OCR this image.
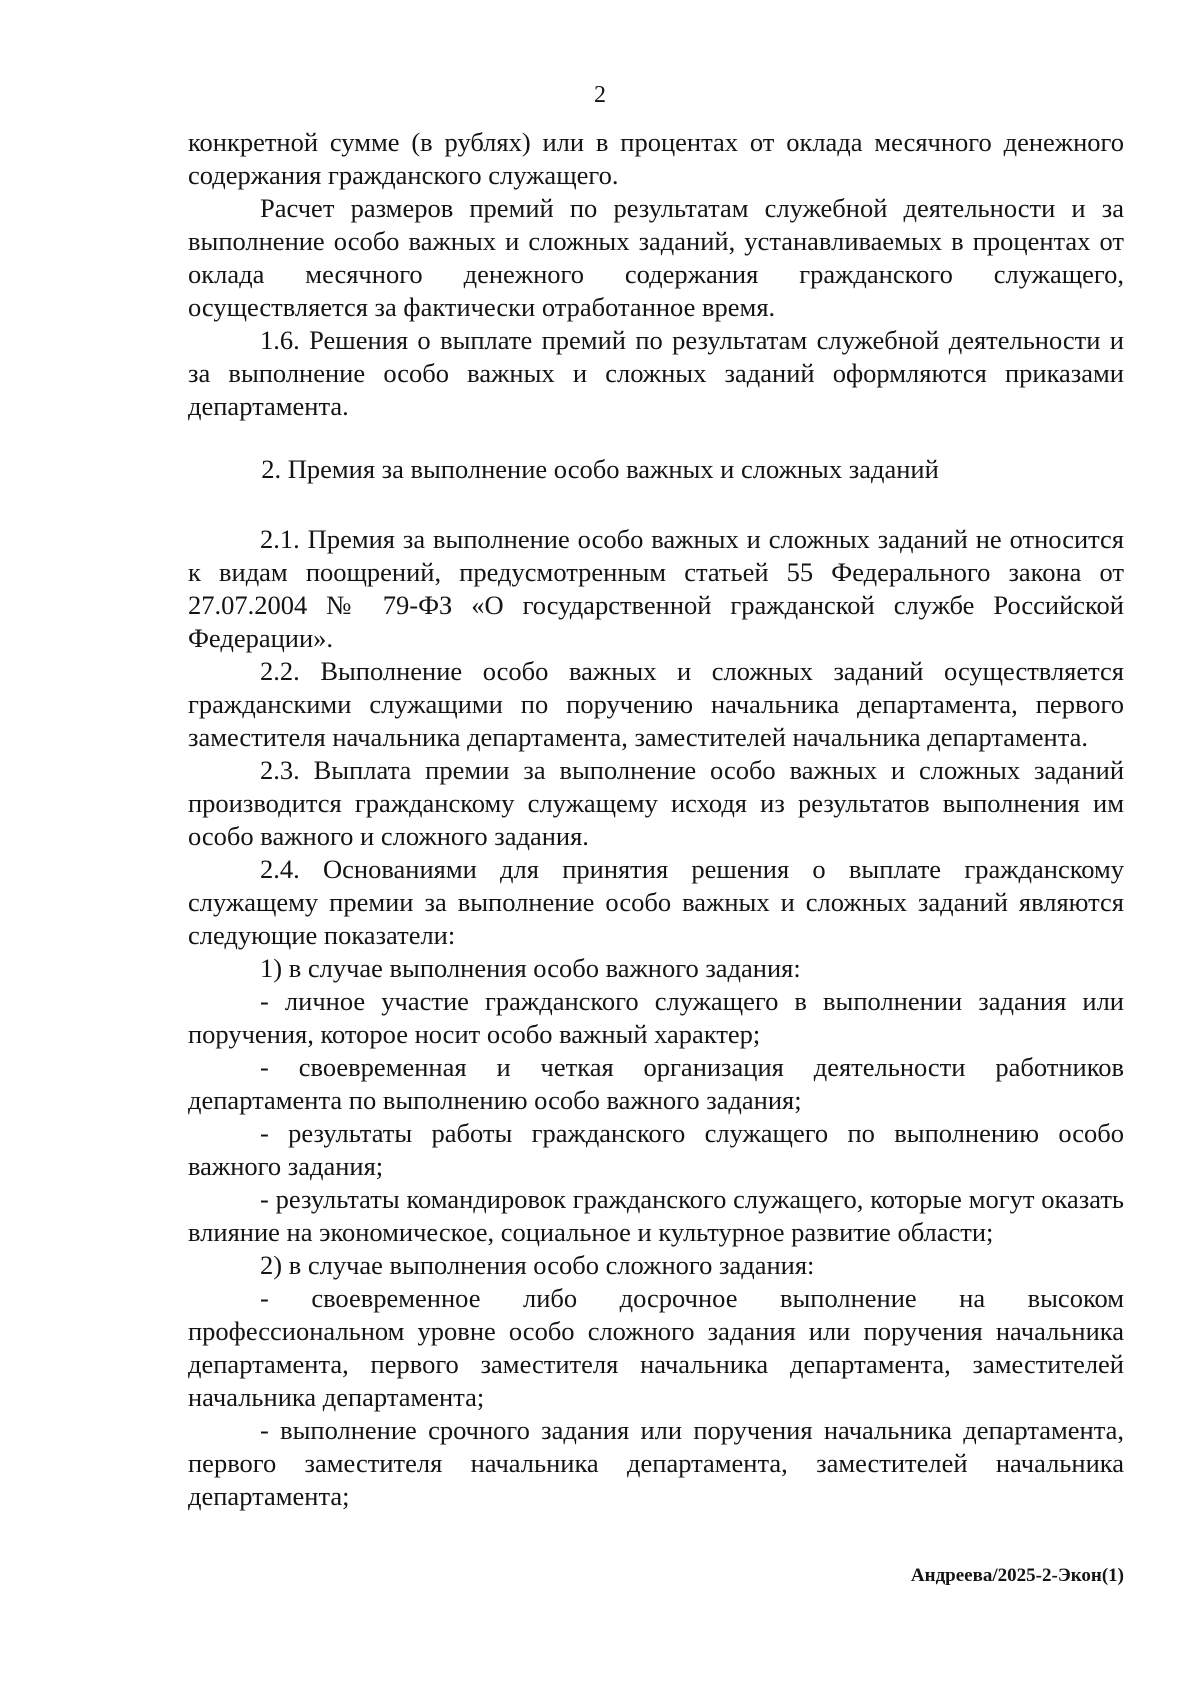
2

конкретной сумме (в рублях) или в процентах от оклада месячного денежного содержания гражданского служащего.

Расчет размеров премий по результатам служебной деятельности и за выполнение особо важных и сложных заданий, устанавливаемых в процентах от оклада месячного денежного содержания гражданского служащего, осуществляется за фактически отработанное время.

1.6. Решения о выплате премий по результатам служебной деятельности и за выполнение особо важных и сложных заданий оформляются приказами департамента.

2. Премия за выполнение особо важных и сложных заданий

2.1. Премия за выполнение особо важных и сложных заданий не относится к видам поощрений, предусмотренным статьей 55 Федерального закона от 27.07.2004 № 79-ФЗ «О государственной гражданской службе Российской Федерации».

2.2. Выполнение особо важных и сложных заданий осуществляется гражданскими служащими по поручению начальника департамента, первого заместителя начальника департамента, заместителей начальника департамента.

2.3. Выплата премии за выполнение особо важных и сложных заданий производится гражданскому служащему исходя из результатов выполнения им особо важного и сложного задания.

2.4. Основаниями для принятия решения о выплате гражданскому служащему премии за выполнение особо важных и сложных заданий являются следующие показатели:

1) в случае выполнения особо важного задания:

- личное участие гражданского служащего в выполнении задания или поручения, которое носит особо важный характер;

- своевременная и четкая организация деятельности работников департамента по выполнению особо важного задания;

- результаты работы гражданского служащего по выполнению особо важного задания;

- результаты командировок гражданского служащего, которые могут оказать влияние на экономическое, социальное и культурное развитие области;

2) в случае выполнения особо сложного задания:

- своевременное либо досрочное выполнение на высоком профессиональном уровне особо сложного задания или поручения начальника департамента, первого заместителя начальника департамента, заместителей начальника департамента;

- выполнение срочного задания или поручения начальника департамента, первого заместителя начальника департамента, заместителей начальника департамента;

Андреева/2025-2-Экон(1)
